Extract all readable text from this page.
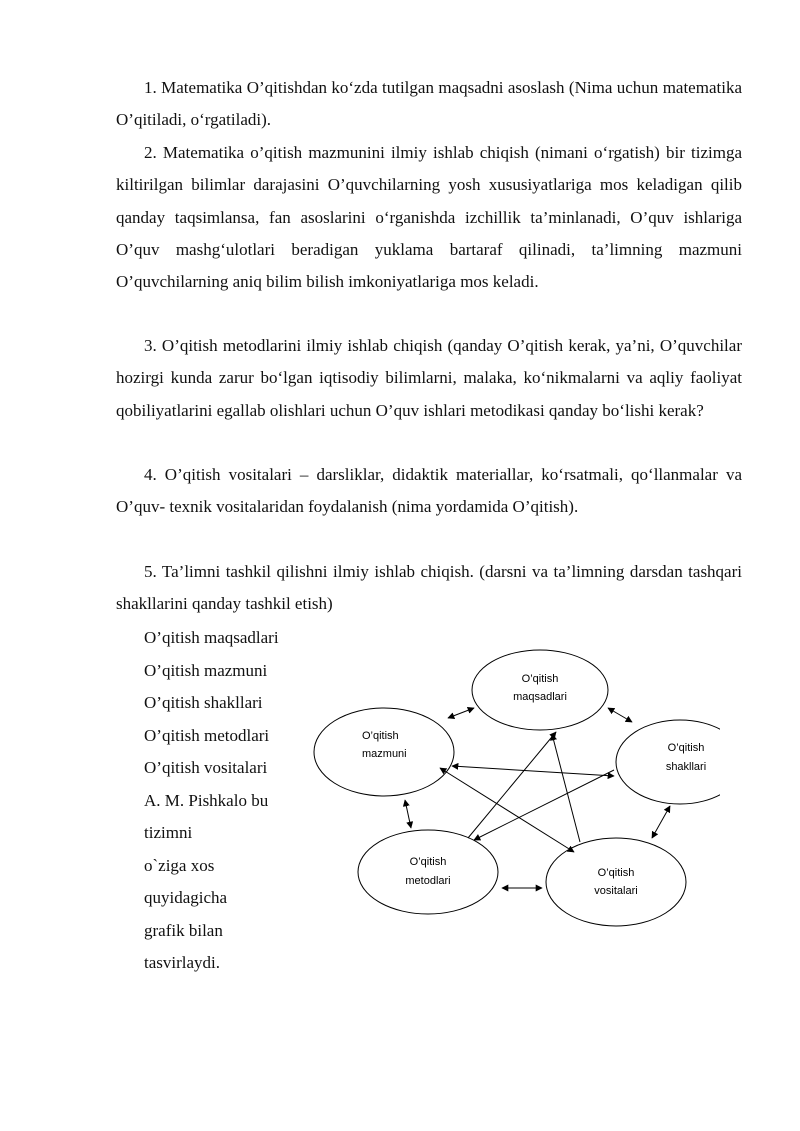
1. Matematika O’qitishdan ko‘zda tutilgan maqsadni asoslash (Nima uchun matematika O’qitiladi, o‘rgatiladi).

2. Matematika o’qitish mazmunini ilmiy ishlab chiqish (nimani o‘rgatish) bir tizimga kiltirilgan bilimlar darajasini O’quvchilarning yosh xususiyatlariga mos keladigan qilib qanday taqsimlansa, fan asoslarini o‘rganishda izchillik ta’minlanadi, O’quv ishlariga O’quv mashg‘ulotlari beradigan yuklama bartaraf qilinadi, ta’limning mazmuni O’quvchilarning aniq bilim bilish imkoniyatlariga mos keladi.

3. O’qitish metodlarini ilmiy ishlab chiqish (qanday O’qitish kerak, ya’ni, O’quvchilar hozirgi kunda zarur bo‘lgan iqtisodiy bilimlarni, malaka, ko‘nikmalarni va aqliy faoliyat qobiliyatlarini egallab olishlari uchun O’quv ishlari metodikasi qanday bo‘lishi kerak?

4. O’qitish vositalari – darsliklar, didaktik materiallar, ko‘rsatmali, qo‘llanmalar va O’quv- texnik vositalaridan foydalanish (nima yordamida O’qitish).

5. Ta’limni tashkil qilishni ilmiy ishlab chiqish. (darsni va ta’limning darsdan tashqari shakllarini qanday tashkil etish)

O’qitish maqsadlari
O’qitish mazmuni
O’qitish shakllari
O’qitish metodlari
O’qitish vositalari
A. M. Pishkalo bu
tizimni
o`ziga xos
quyidagicha
grafik bilan
tasvirlaydi.
O’qitish
maqsadlari
O’qitish
mazmuni	O’qitish
shakllari
O’qitish
metodlari
O’qitish
vositalari
